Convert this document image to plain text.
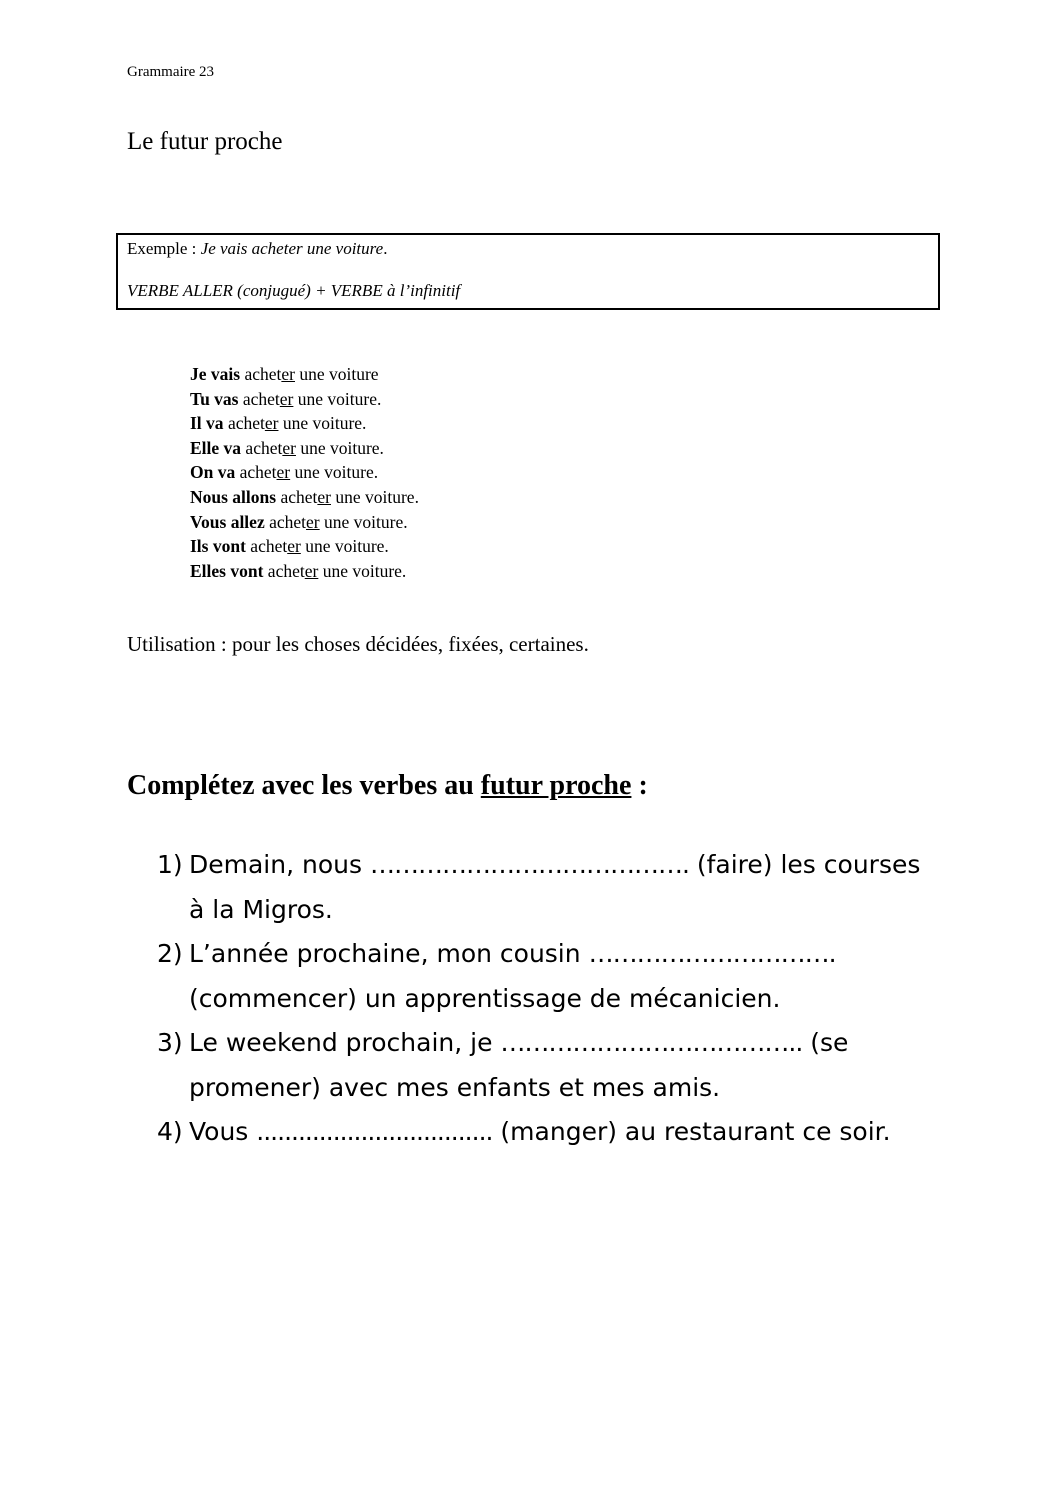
Grammaire 23
Le futur proche
Exemple : Je vais acheter une voiture.
VERBE ALLER (conjugué) + VERBE à l’infinitif
Je vais acheter une voiture
Tu vas acheter une voiture.
Il va acheter une voiture.
Elle va acheter une voiture.
On va acheter une voiture.
Nous allons acheter une voiture.
Vous allez acheter une voiture.
Ils vont acheter une voiture.
Elles vont acheter une voiture.
Utilisation : pour les choses décidées, fixées, certaines.
Complétez avec les verbes au futur proche :
1) Demain, nous …………………………………. (faire) les courses à la Migros.
2) L’année prochaine, mon cousin …………………………. (commencer) un apprentissage de mécanicien.
3) Le weekend prochain, je ……………………………….. (se promener) avec mes enfants et mes amis.
4) Vous .................................. (manger) au restaurant ce soir.
